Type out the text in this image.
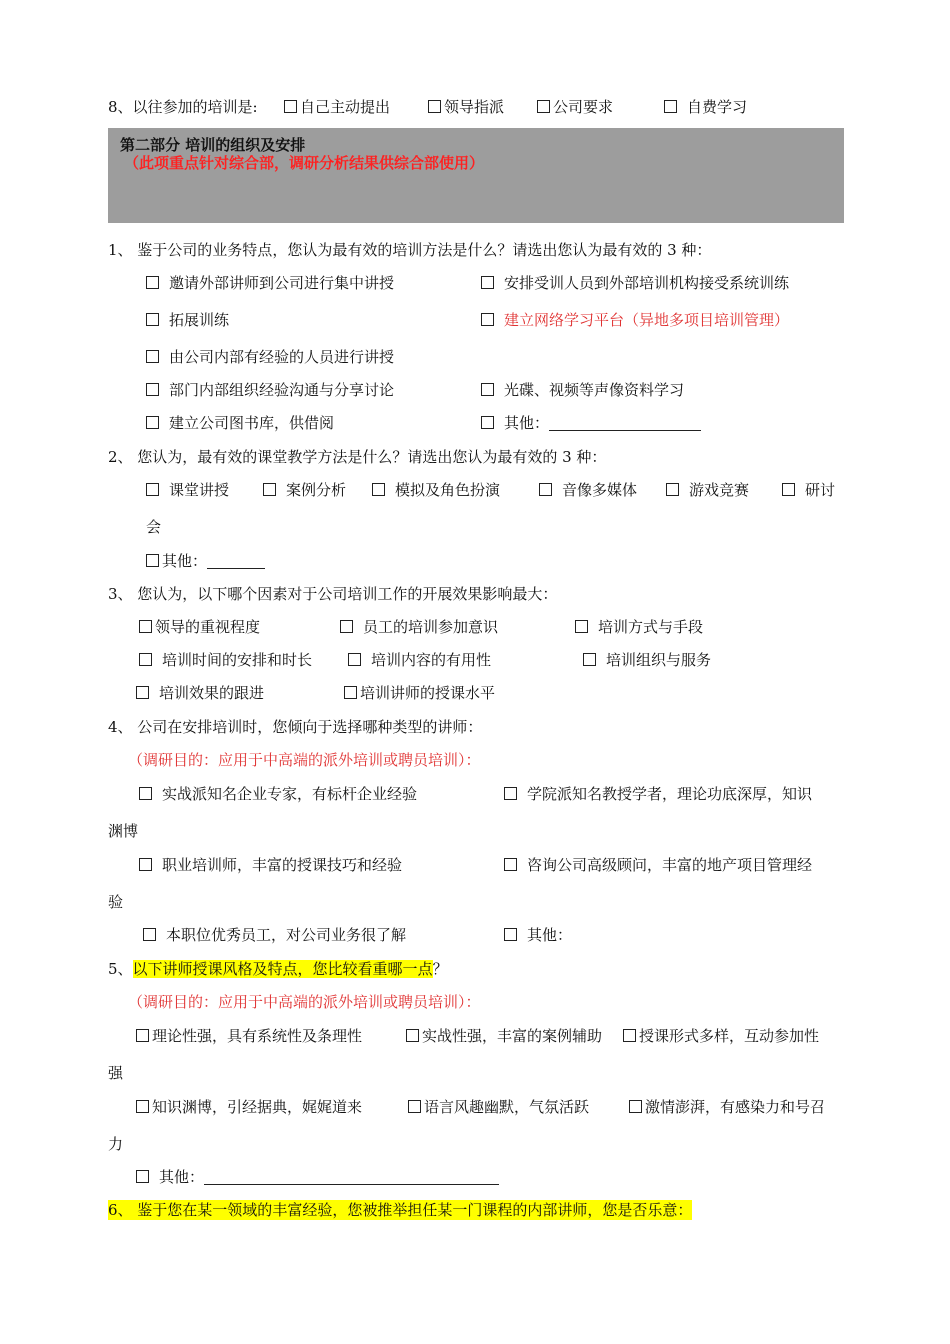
8、以往参加的培训是:	自己主动提出	领导指派	公司要求	自费学习
第二部分 培训的组织及安排
（此项重点针对综合部，调研分析结果供综合部使用）
1、 鉴于公司的业务特点，您认为最有效的培训方法是什么？请选出您认为最有效的 3 种：
邀请外部讲师到公司进行集中讲授	安排受训人员到外部培训机构接受系统训练
拓展训练	建立网络学习平台（异地多项目培训管理）
由公司内部有经验的人员进行讲授
部门内部组织经验沟通与分享讨论	光碟、视频等声像资料学习
建立公司图书库，供借阅	其他：
2、 您认为，最有效的课堂教学方法是什么？请选出您认为最有效的 3 种：
课堂讲授	案例分析	模拟及角色扮演	音像多媒体	游戏竞赛	研讨
会
其他：
3、 您认为，以下哪个因素对于公司培训工作的开展效果影响最大：
领导的重视程度	员工的培训参加意识	培训方式与手段
培训时间的安排和时长	培训内容的有用性	培训组织与服务
培训效果的跟进	培训讲师的授课水平
4、 公司在安排培训时，您倾向于选择哪种类型的讲师：
（调研目的：应用于中高端的派外培训或聘员培训）：
实战派知名企业专家，有标杆企业经验	学院派知名教授学者，理论功底深厚，知识
渊博
职业培训师，丰富的授课技巧和经验	咨询公司高级顾问，丰富的地产项目管理经
验
本职位优秀员工，对公司业务很了解	其他：
5、以下讲师授课风格及特点，您比较看重哪一点？
（调研目的：应用于中高端的派外培训或聘员培训）：
理论性强，具有系统性及条理性	实战性强，丰富的案例辅助	授课形式多样，互动参加性
强
知识渊博，引经据典，娓娓道来	语言风趣幽默，气氛活跃	激情澎湃，有感染力和号召
力
其他：
6、 鉴于您在某一领域的丰富经验，您被推举担任某一门课程的内部讲师，您是否乐意：
